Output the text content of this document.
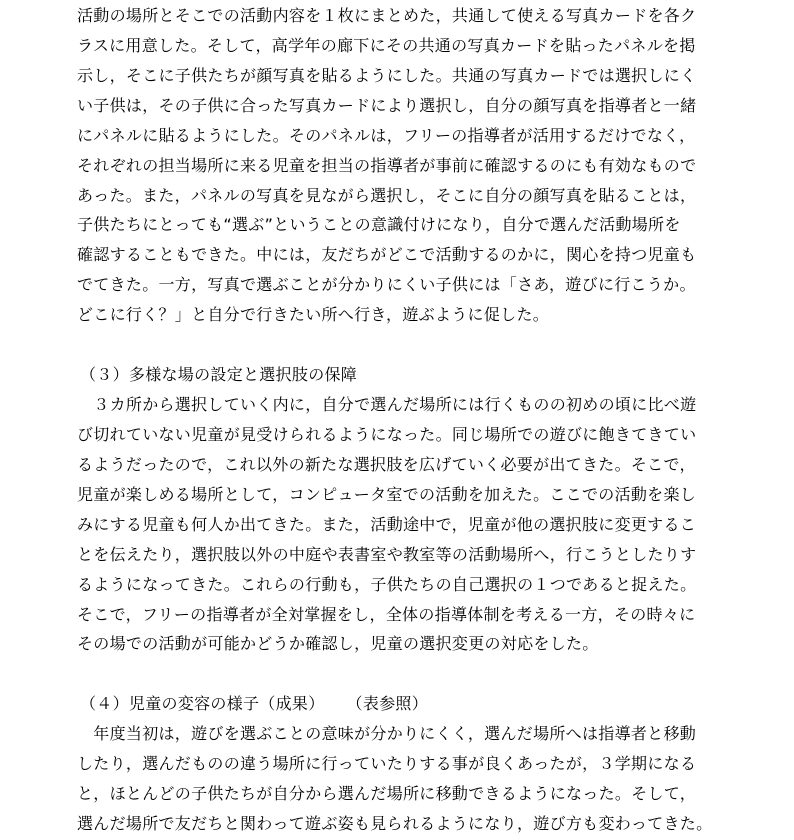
活動の場所とそこでの活動内容を１枚にまとめた，共通して使える写真カードを各ク
ラスに用意した。そして，高学年の廊下にその共通の写真カードを貼ったパネルを掲
示し，そこに子供たちが顔写真を貼るようにした。共通の写真カードでは選択しにく
い子供は，その子供に合った写真カードにより選択し，自分の顔写真を指導者と一緒
にパネルに貼るようにした。そのパネルは，フリーの指導者が活用するだけでなく，
それぞれの担当場所に来る児童を担当の指導者が事前に確認するのにも有効なもので
あった。また，パネルの写真を見ながら選択し，そこに自分の顔写真を貼ることは，
子供たちにとっても“選ぶ”ということの意識付けになり，自分で選んだ活動場所を
確認することもできた。中には，友だちがどこで活動するのかに，関心を持つ児童も
でてきた。一方，写真で選ぶことが分かりにくい子供には「さあ，遊びに行こうか。
どこに行く？」と自分で行きたい所へ行き，遊ぶように促した。
（３）多様な場の設定と選択肢の保障
　３カ所から選択していく内に，自分で選んだ場所には行くものの初めの頃に比べ遊
び切れていない児童が見受けられるようになった。同じ場所での遊びに飽きてきてい
るようだったので，これ以外の新たな選択肢を広げていく必要が出てきた。そこで，
児童が楽しめる場所として，コンピュータ室での活動を加えた。ここでの活動を楽し
みにする児童も何人か出てきた。また，活動途中で，児童が他の選択肢に変更するこ
とを伝えたり，選択肢以外の中庭や表書室や教室等の活動場所へ，行こうとしたりす
るようになってきた。これらの行動も，子供たちの自己選択の１つであると捉えた。
そこで，フリーの指導者が全対掌握をし，全体の指導体制を考える一方，その時々に
その場での活動が可能かどうか確認し，児童の選択変更の対応をした。
（４）児童の変容の様子（成果） （表参照）
　年度当初は，遊びを選ぶことの意味が分かりにくく，選んだ場所へは指導者と移動
したり，選んだものの違う場所に行っていたりする事が良くあったが，３学期になる
と，ほとんどの子供たちが自分から選んだ場所に移動できるようになった。そして，
選んだ場所で友だちと関わって遊ぶ姿も見られるようになり，遊び方も変わってきた。
